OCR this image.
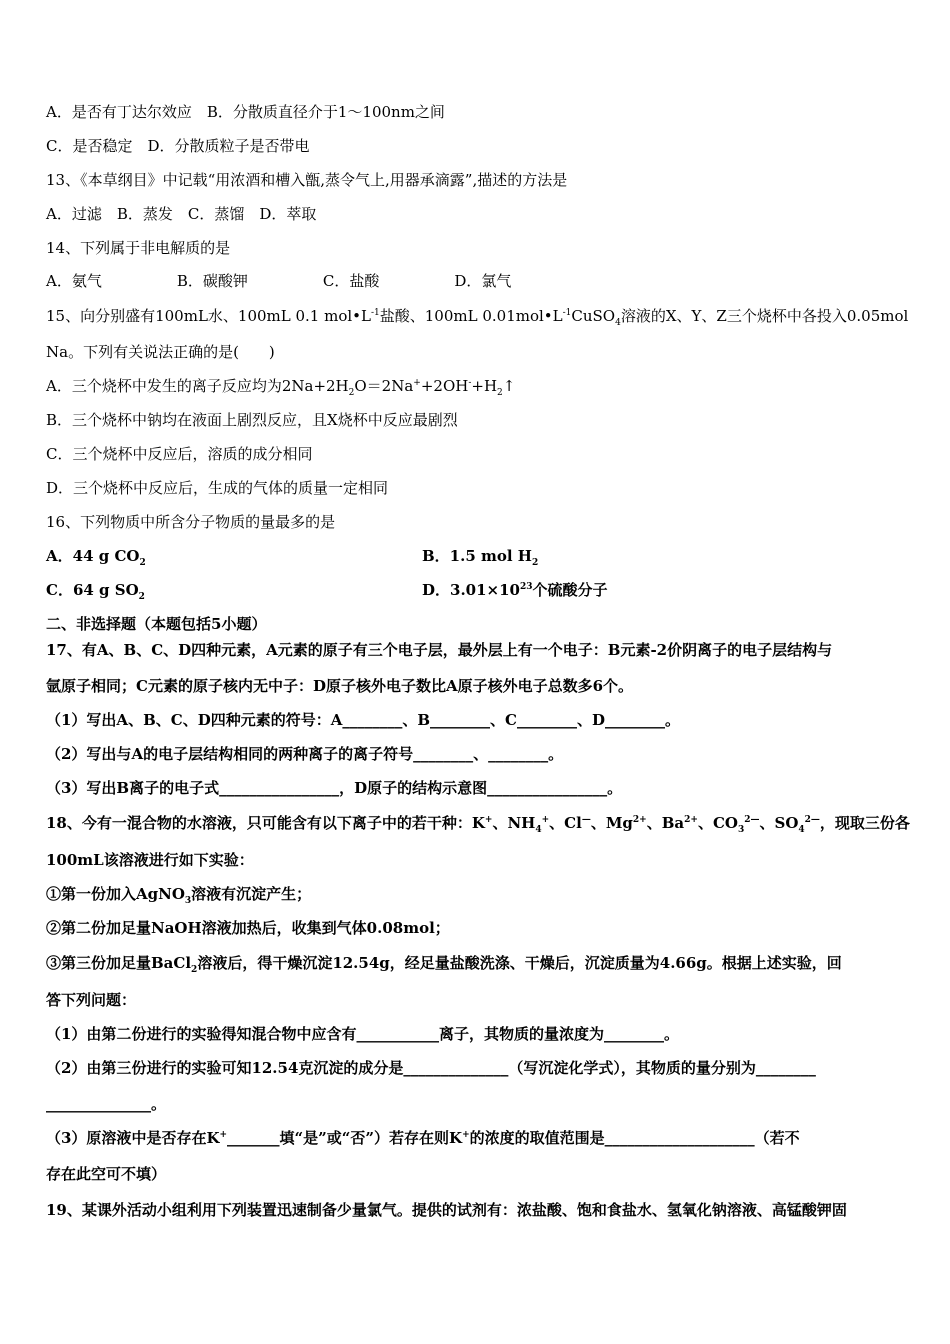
A．是否有丁达尔效应　B．分散质直径介于1～100nm之间
C．是否稳定　D．分散质粒子是否带电
13、《本草纲目》中记载“用浓酒和槽入甑,蒸令气上,用器承滴露”,描述的方法是
A．过滤　B．蒸发　C．蒸馏　D．萃取
14、下列属于非电解质的是
A．氨气　　　　　B．碳酸钾　　　　　C．盐酸　　　　　D．氯气
15、向分别盛有100mL水、100mL 0.1 $mol•L^{-1}$盐酸、100mL $0.01mol•L^{-1}CuSO_4$溶液的X、Y、Z三个烧杯中各投入0.05mol
Na。下列有关说法正确的是(　　)
A．三个烧杯中发生的离子反应均为$2Na+2H_2O=2Na^++2OH^-+H_2↑$
B．三个烧杯中钠均在液面上剧烈反应，且X烧杯中反应最剧烈
C．三个烧杯中反应后，溶质的成分相同
D．三个烧杯中反应后，生成的气体的质量一定相同
16、下列物质中所含分子物质的量最多的是
A．44 g $CO_2$	B．1.5 mol $H_2$
C．64 g $SO_2$	D．$3.01\times 10^{23}$个硫酸分子
二、非选择题（本题包括5小题）
17、有A、B、C、D四种元素，A元素的原子有三个电子层，最外层上有一个电子：B元素-2价阴离子的电子层结构与
氩原子相同；C元素的原子核内无中子：D原子核外电子数比A原子核外电子总数多6个。
（1）写出A、B、C、D四种元素的符号：A________、B________、C________、D________。
（2）写出与A的电子层结构相同的两种离子的离子符号________、________。
（3）写出B离子的电子式________________，D原子的结构示意图________________。
18、今有一混合物的水溶液，只可能含有以下离子中的若干种：K+、$NH_4^+$、Cl—、$Mg^{2+}$、$Ba^{2+}$、$CO_3^{2—}$、$SO_4^{2—}$，现取三份各
100mL该溶液进行如下实验：
①第一份加入AgNO$_3$溶液有沉淀产生；
②第二份加足量NaOH溶液加热后，收集到气体0.08mol；
③第三份加足量BaCl$_2$溶液后，得干燥沉淀12.54g，经足量盐酸洗涤、干燥后，沉淀质量为4.66g。根据上述实验，回
答下列问题：
（1）由第二份进行的实验得知混合物中应含有___________离子，其物质的量浓度为________。
（2）由第三份进行的实验可知12.54克沉淀的成分是______________（写沉淀化学式），其物质的量分别为________
______________。
（3）原溶液中是否存在K+_______填“是”或“否”）若存在则K+的浓度的取值范围是____________________（若不
存在此空可不填）
19、某课外活动小组利用下列装置迅速制备少量氯气。提供的试剂有：浓盐酸、饱和食盐水、氢氧化钠溶液、高锰酸钾固
